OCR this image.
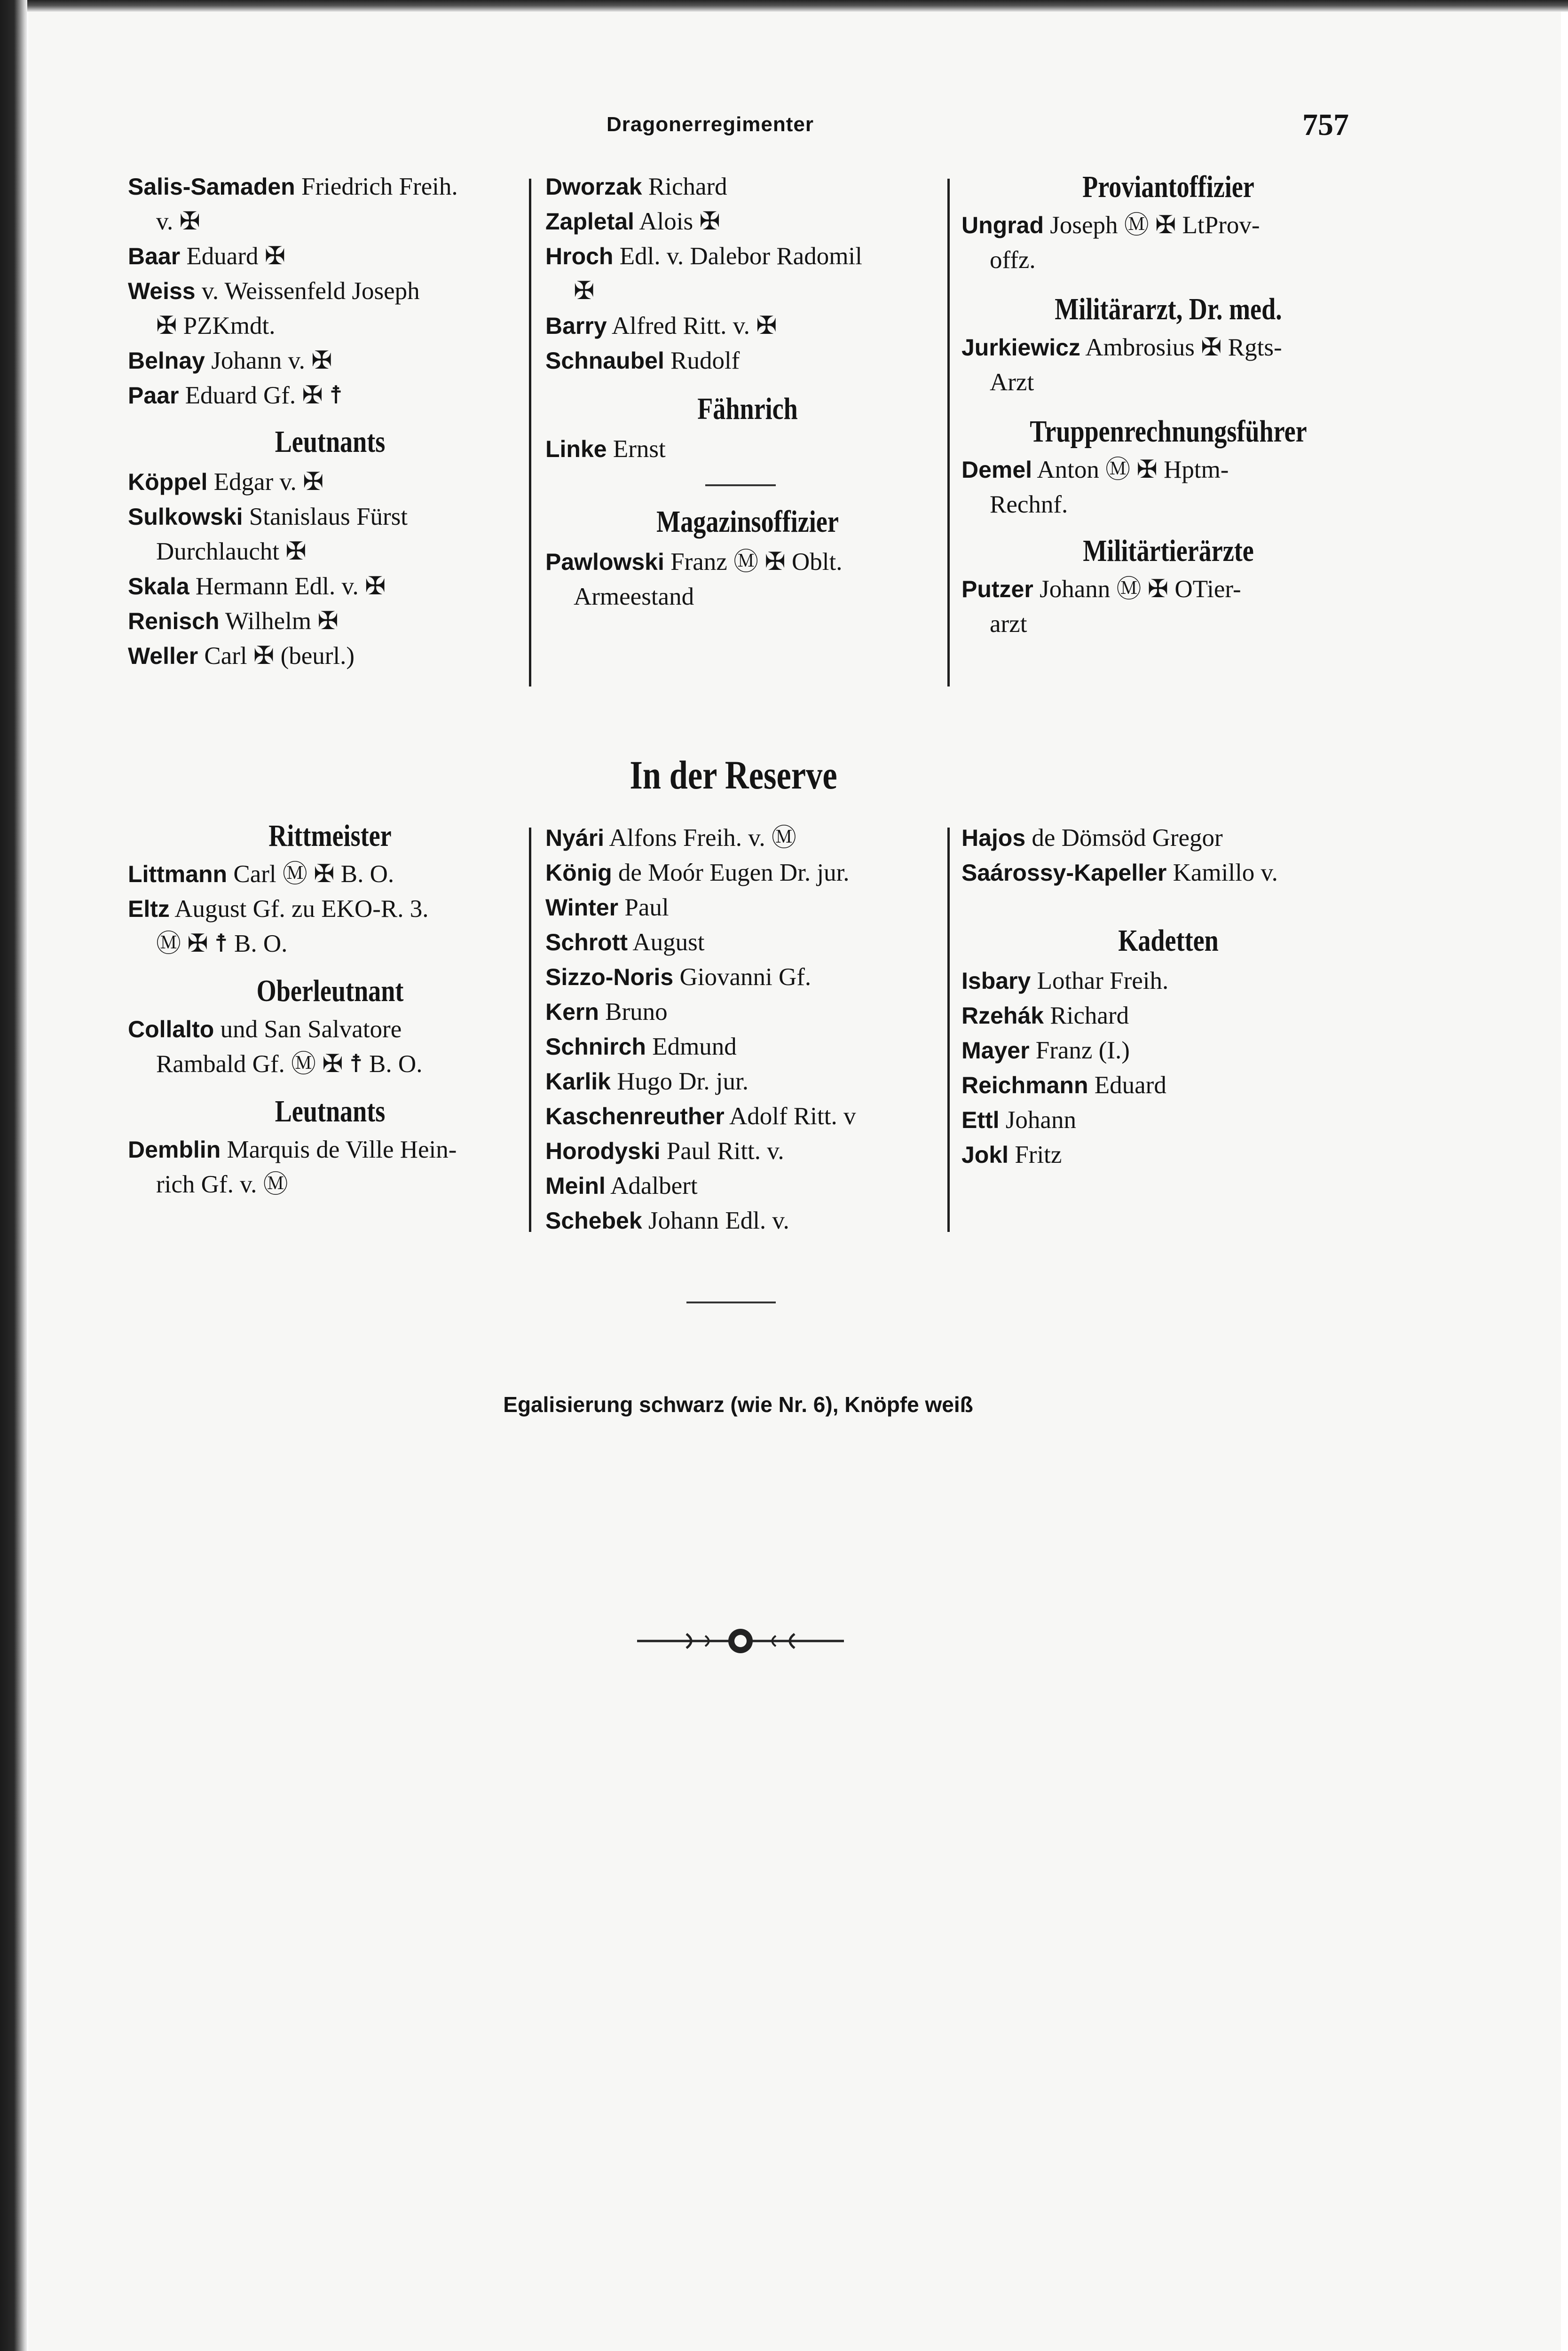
Dragonerregimenter	757
Salis-Samaden Friedrich Freih.
v. ✠
Baar Eduard ✠
Weiss v. Weissenfeld Joseph
✠ PZKmdt.
Belnay Johann v. ✠
Paar Eduard Gf. ✠ ☨
Leutnants
Köppel Edgar v. ✠
Sulkowski Stanislaus Fürst
Durchlaucht ✠
Skala Hermann Edl. v. ✠
Renisch Wilhelm ✠
Weller Carl ✠ (beurl.)
Dworzak Richard
Zapletal Alois ✠
Hroch Edl. v. Dalebor Radomil
✠
Barry Alfred Ritt. v. ✠
Schnaubel Rudolf
Fähnrich
Linke Ernst
Magazinsoffizier
Pawlowski Franz Ⓜ ✠ Oblt.
Armeestand
Proviantoffizier
Ungrad Joseph Ⓜ ✠ LtProv-
offz.
Militärarzt, Dr. med.
Jurkiewicz Ambrosius ✠ Rgts-
Arzt
Truppenrechnungsführer
Demel Anton Ⓜ ✠ Hptm-
Rechnf.
Militärtierärzte
Putzer Johann Ⓜ ✠ OTier-
arzt
In der Reserve
Rittmeister
Littmann Carl Ⓜ ✠ B. O.
Eltz August Gf. zu EKO-R. 3.
Ⓜ ✠ ☨ B. O.
Oberleutnant
Collalto und San Salvatore
Rambald Gf. Ⓜ ✠ ☨ B. O.
Leutnants
Demblin Marquis de Ville Hein-
rich Gf. v. Ⓜ
Nyári Alfons Freih. v. Ⓜ
König de Moór Eugen Dr. jur.
Winter Paul
Schrott August
Sizzo-Noris Giovanni Gf.
Kern Bruno
Schnirch Edmund
Karlik Hugo Dr. jur.
Kaschenreuther Adolf Ritt. v
Horodyski Paul Ritt. v.
Meinl Adalbert
Schebek Johann Edl. v.
Hajos de Dömsöd Gregor
Saárossy-Kapeller Kamillo v.
Kadetten
Isbary Lothar Freih.
Rzehák Richard
Mayer Franz (I.)
Reichmann Eduard
Ettl Johann
Jokl Fritz
Egalisierung schwarz (wie Nr. 6), Knöpfe weiß
